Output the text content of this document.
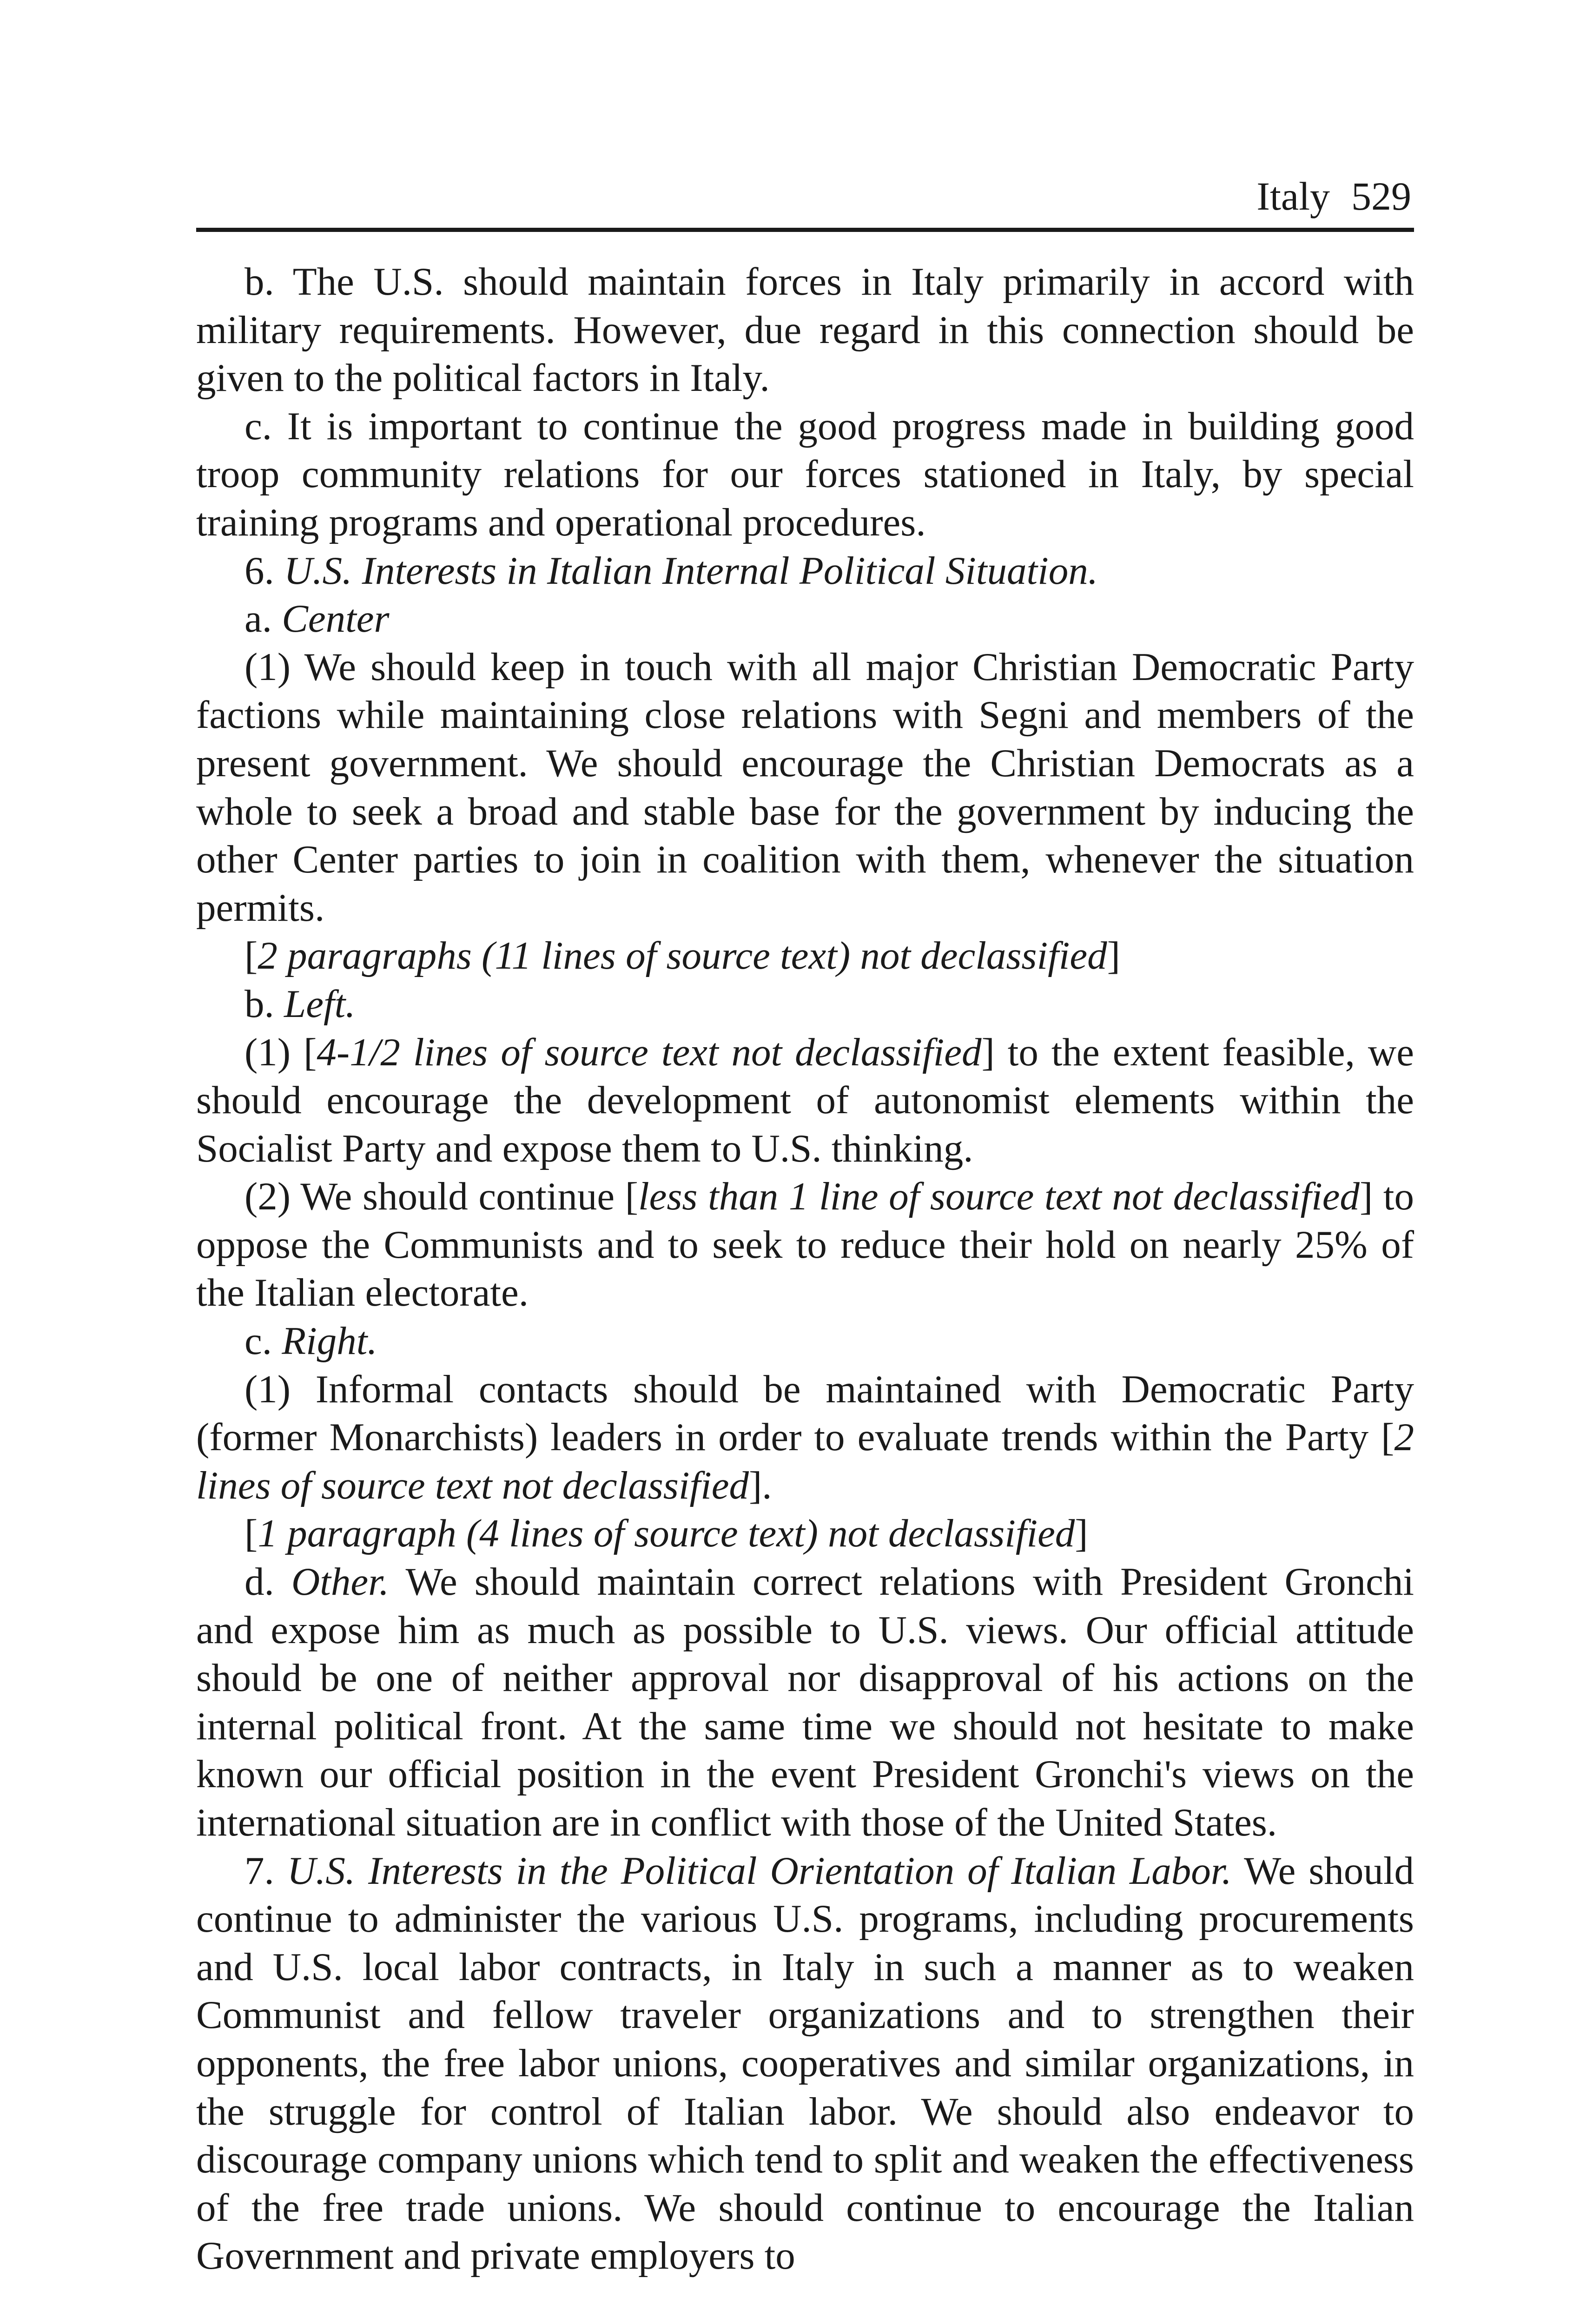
Italy 529

b. The U.S. should maintain forces in Italy primarily in accord with military requirements. However, due regard in this connection should be given to the political factors in Italy.

c. It is important to continue the good progress made in building good troop community relations for our forces stationed in Italy, by special training programs and operational procedures.

6. U.S. Interests in Italian Internal Political Situation.

a. Center

(1) We should keep in touch with all major Christian Democratic Party factions while maintaining close relations with Segni and members of the present government. We should encourage the Christian Democrats as a whole to seek a broad and stable base for the government by inducing the other Center parties to join in coalition with them, whenever the situation permits.

[2 paragraphs (11 lines of source text) not declassified]

b. Left.

(1) [4-1/2 lines of source text not declassified] to the extent feasible, we should encourage the development of autonomist elements within the Socialist Party and expose them to U.S. thinking.

(2) We should continue [less than 1 line of source text not declassified] to oppose the Communists and to seek to reduce their hold on nearly 25% of the Italian electorate.

c. Right.

(1) Informal contacts should be maintained with Democratic Party (former Monarchists) leaders in order to evaluate trends within the Party [2 lines of source text not declassified].

[1 paragraph (4 lines of source text) not declassified]

d. Other. We should maintain correct relations with President Gronchi and expose him as much as possible to U.S. views. Our official attitude should be one of neither approval nor disapproval of his actions on the internal political front. At the same time we should not hesitate to make known our official position in the event President Gronchi's views on the international situation are in conflict with those of the United States.

7. U.S. Interests in the Political Orientation of Italian Labor. We should continue to administer the various U.S. programs, including procurements and U.S. local labor contracts, in Italy in such a manner as to weaken Communist and fellow traveler organizations and to strengthen their opponents, the free labor unions, cooperatives and similar organizations, in the struggle for control of Italian labor. We should also endeavor to discourage company unions which tend to split and weaken the effectiveness of the free trade unions. We should continue to encourage the Italian Government and private employers to
